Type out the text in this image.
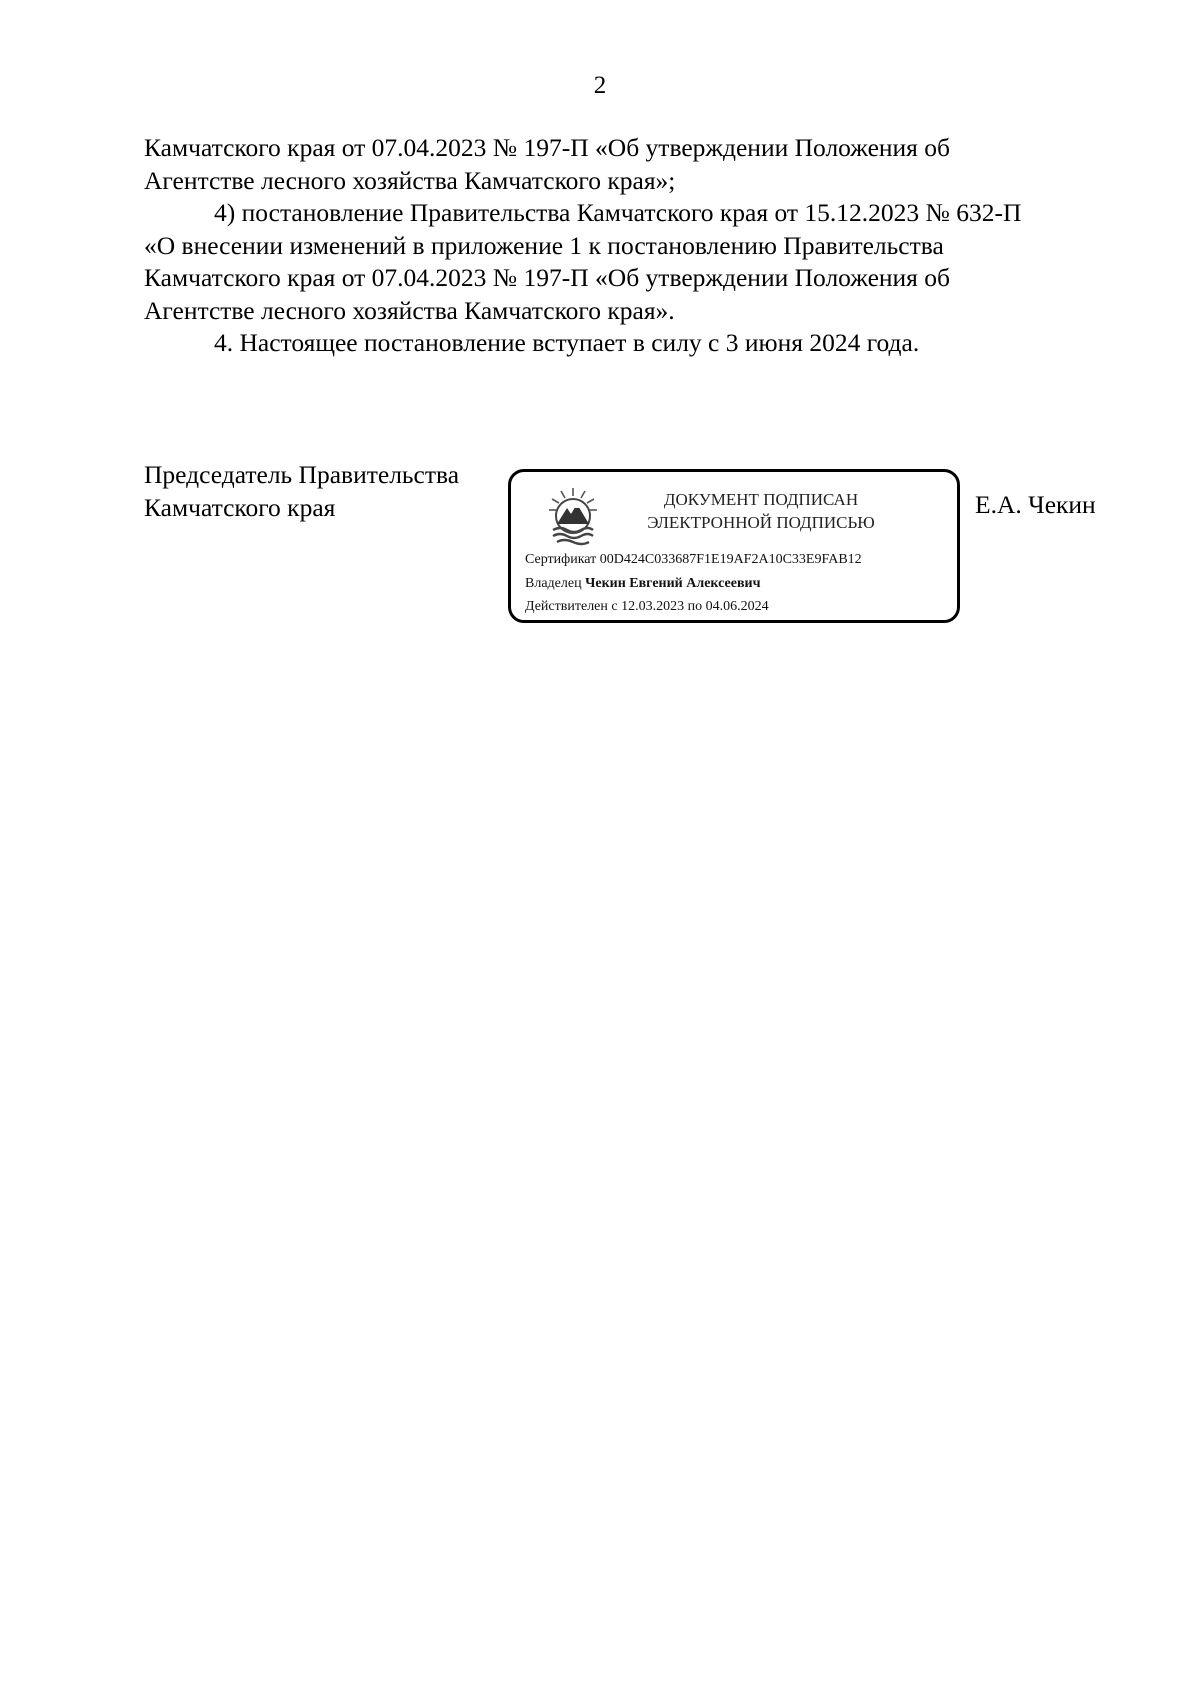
2

Камчатского края от 07.04.2023 № 197-П «Об утверждении Положения об
Агентстве лесного хозяйства Камчатского края»;

4) постановление Правительства Камчатского края от 15.12.2023 № 632-П
«О внесении изменений в приложение 1 к постановлению Правительства
Камчатского края от 07.04.2023 № 197-П «Об утверждении Положения об
Агентстве лесного хозяйства Камчатского края».

4. Настоящее постановление вступает в силу с 3 июня 2024 года.

Председатель Правительства
Камчатского края	Е.А. Чекин
ДОКУМЕНТ ПОДПИСАН
ЭЛЕКТРОННОЙ ПОДПИСЬЮ
Сертификат 00D424C033687F1E19AF2A10C33E9FAB12
Владелец Чекин Евгений Алексеевич
Действителен с 12.03.2023 по 04.06.2024
